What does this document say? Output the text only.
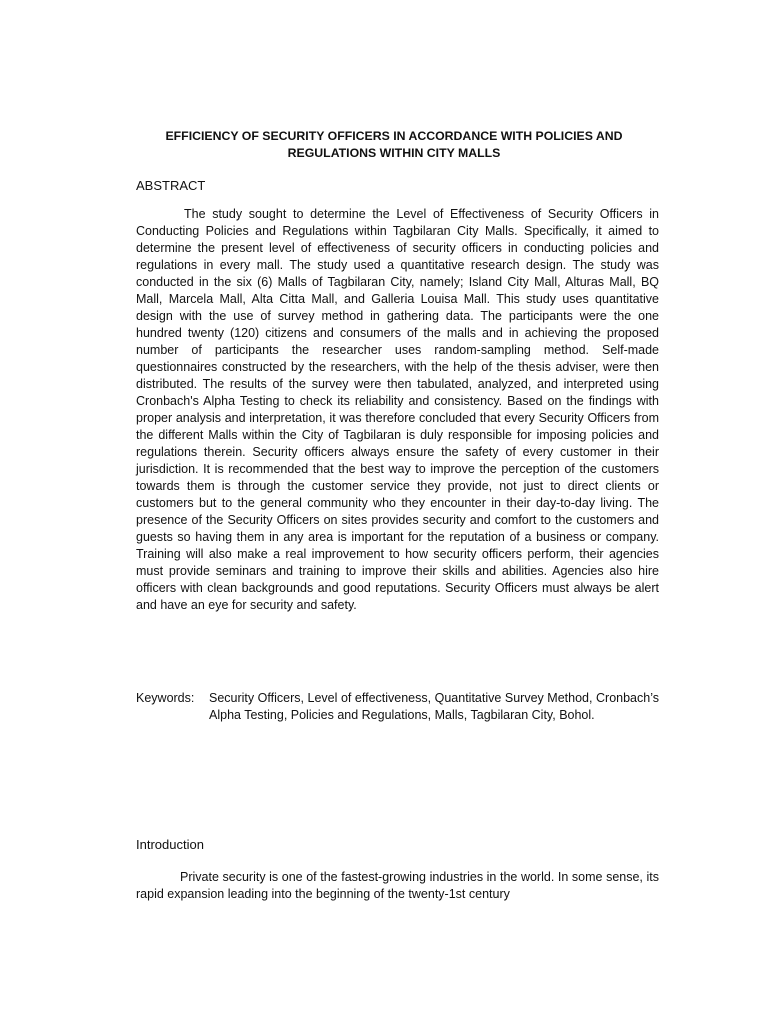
EFFICIENCY OF SECURITY OFFICERS IN ACCORDANCE WITH POLICIES AND REGULATIONS WITHIN CITY MALLS
ABSTRACT

The study sought to determine the Level of Effectiveness of Security Officers in Conducting Policies and Regulations within Tagbilaran City Malls. Specifically, it aimed to determine the present level of effectiveness of security officers in conducting policies and regulations in every mall. The study used a quantitative research design. The study was conducted in the six (6) Malls of Tagbilaran City, namely; Island City Mall, Alturas Mall, BQ Mall, Marcela Mall, Alta Citta Mall, and Galleria Louisa Mall. This study uses quantitative design with the use of survey method in gathering data. The participants were the one hundred twenty (120) citizens and consumers of the malls and in achieving the proposed number of participants the researcher uses random-sampling method. Self-made questionnaires constructed by the researchers, with the help of the thesis adviser, were then distributed. The results of the survey were then tabulated, analyzed, and interpreted using Cronbach's Alpha Testing to check its reliability and consistency. Based on the findings with proper analysis and interpretation, it was therefore concluded that every Security Officers from the different Malls within the City of Tagbilaran is duly responsible for imposing policies and regulations therein. Security officers always ensure the safety of every customer in their jurisdiction. It is recommended that the best way to improve the perception of the customers towards them is through the customer service they provide, not just to direct clients or customers but to the general community who they encounter in their day-to-day living. The presence of the Security Officers on sites provides security and comfort to the customers and guests so having them in any area is important for the reputation of a business or company. Training will also make a real improvement to how security officers perform, their agencies must provide seminars and training to improve their skills and abilities. Agencies also hire officers with clean backgrounds and good reputations. Security Officers must always be alert and have an eye for security and safety.

Keywords:	Security Officers, Level of effectiveness, Quantitative Survey Method, Cronbach’s Alpha Testing, Policies and Regulations, Malls, Tagbilaran City, Bohol.
Introduction

Private security is one of the fastest-growing industries in the world. In some sense, its rapid expansion leading into the beginning of the twenty-1st century
